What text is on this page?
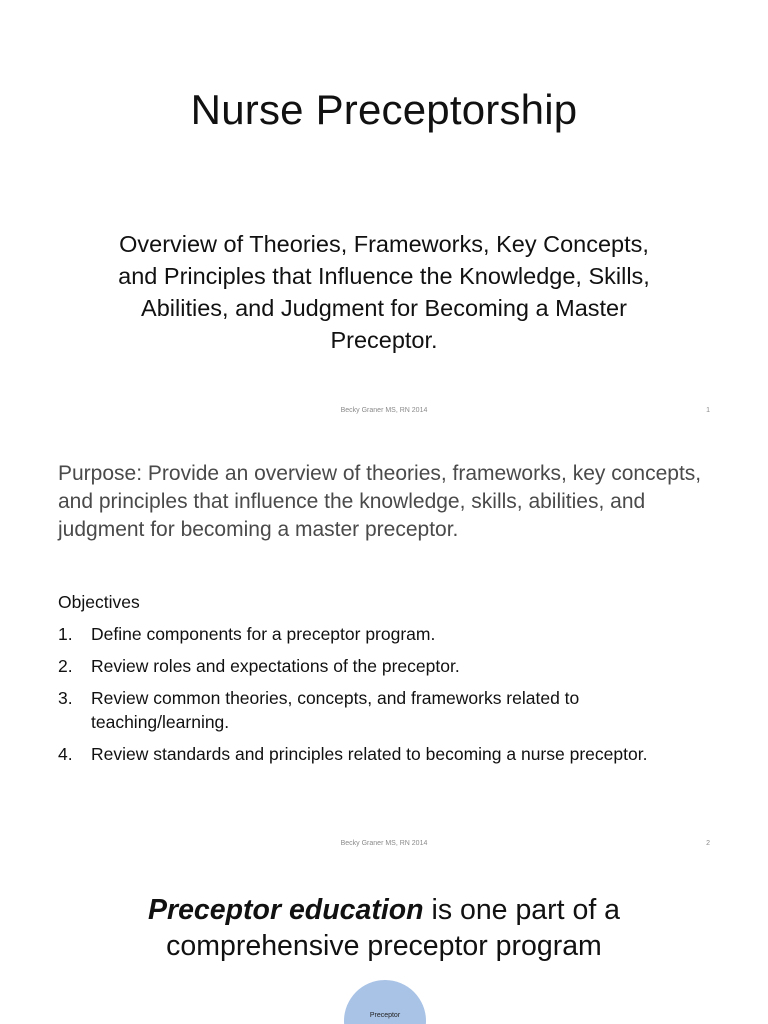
Nurse Preceptorship
Overview of Theories, Frameworks, Key Concepts, and Principles that Influence the Knowledge, Skills, Abilities, and Judgment for Becoming a Master Preceptor.
Becky Graner MS, RN 2014	1
Purpose: Provide an overview of theories, frameworks, key concepts, and principles that influence the knowledge, skills, abilities, and judgment for becoming a master preceptor.
Objectives
1.	Define components for a preceptor program.
2.	Review roles and expectations of the preceptor.
3.	Review common theories, concepts, and frameworks related to teaching/learning.
4.	Review standards and principles related to becoming a nurse preceptor.
Becky Graner MS, RN 2014	2
Preceptor education is one part of a
comprehensive preceptor program
Preceptor
